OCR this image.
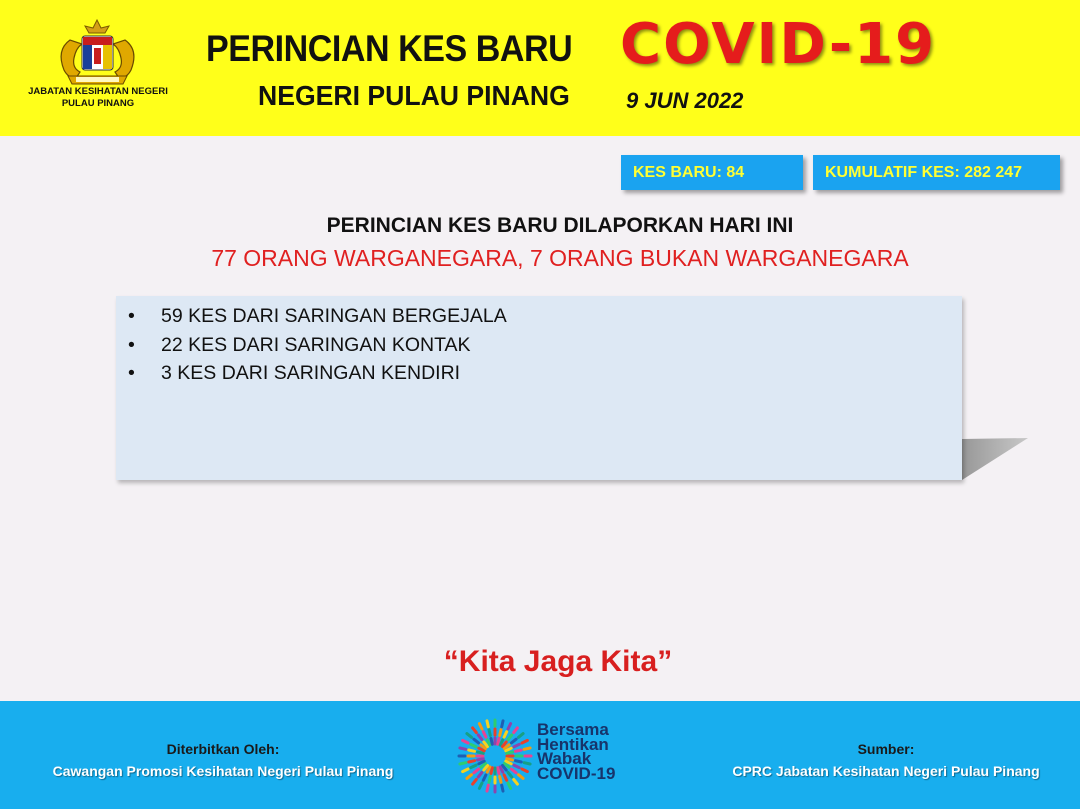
JABATAN KESIHATAN NEGERI
PULAU PINANG
PERINCIAN KES BARU COVID-19
NEGERI PULAU PINANG	9 JUN 2022
KES BARU: 84	KUMULATIF KES: 282 247
PERINCIAN KES BARU DILAPORKAN HARI INI
77 ORANG WARGANEGARA, 7 ORANG BUKAN WARGANEGARA
• 59 KES DARI SARINGAN BERGEJALA
• 22 KES DARI SARINGAN KONTAK
• 3 KES DARI SARINGAN KENDIRI
“Kita Jaga Kita”
Diterbitkan Oleh:
Cawangan Promosi Kesihatan Negeri Pulau Pinang
Bersama
Hentikan
Wabak
COVID-19
Sumber:
CPRC Jabatan Kesihatan Negeri Pulau Pinang
